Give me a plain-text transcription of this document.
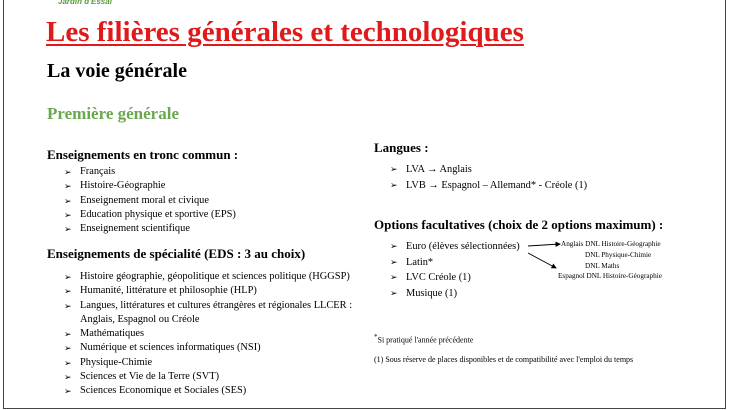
Jardin d'Essai
Les filières générales et technologiques
La voie générale
Première générale
Enseignements en tronc commun :
➢ Français
➢ Histoire-Géographie
➢ Enseignement moral et civique
➢ Education physique et sportive (EPS)
➢ Enseignement scientifique
Enseignements de spécialité (EDS : 3 au choix)
➢ Histoire géographie, géopolitique et sciences politique (HGGSP)
➢ Humanité, littérature et philosophie (HLP)
➢ Langues, littératures et cultures étrangères et régionales LLCER :
Anglais, Espagnol ou Créole
➢ Mathématiques
➢ Numérique et sciences informatiques (NSI)
➢ Physique-Chimie
➢ Sciences et Vie de la Terre (SVT)
➢ Sciences Economique et Sociales (SES)
Langues :
➢ LVA → Anglais
➢ LVB → Espagnol – Allemand* - Créole (1)
Options facultatives (choix de 2 options maximum) :
➢ Euro (élèves sélectionnées)
➢ Latin*
➢ LVC Créole (1)
➢ Musique (1)
Anglais DNL Histoire-Géographie
DNL Physique-Chimie
DNL Maths
Espagnol DNL Histoire-Géographie
*Si pratiqué l'année précédente
(1) Sous réserve de places disponibles et de compatibilité avec l'emploi du temps
